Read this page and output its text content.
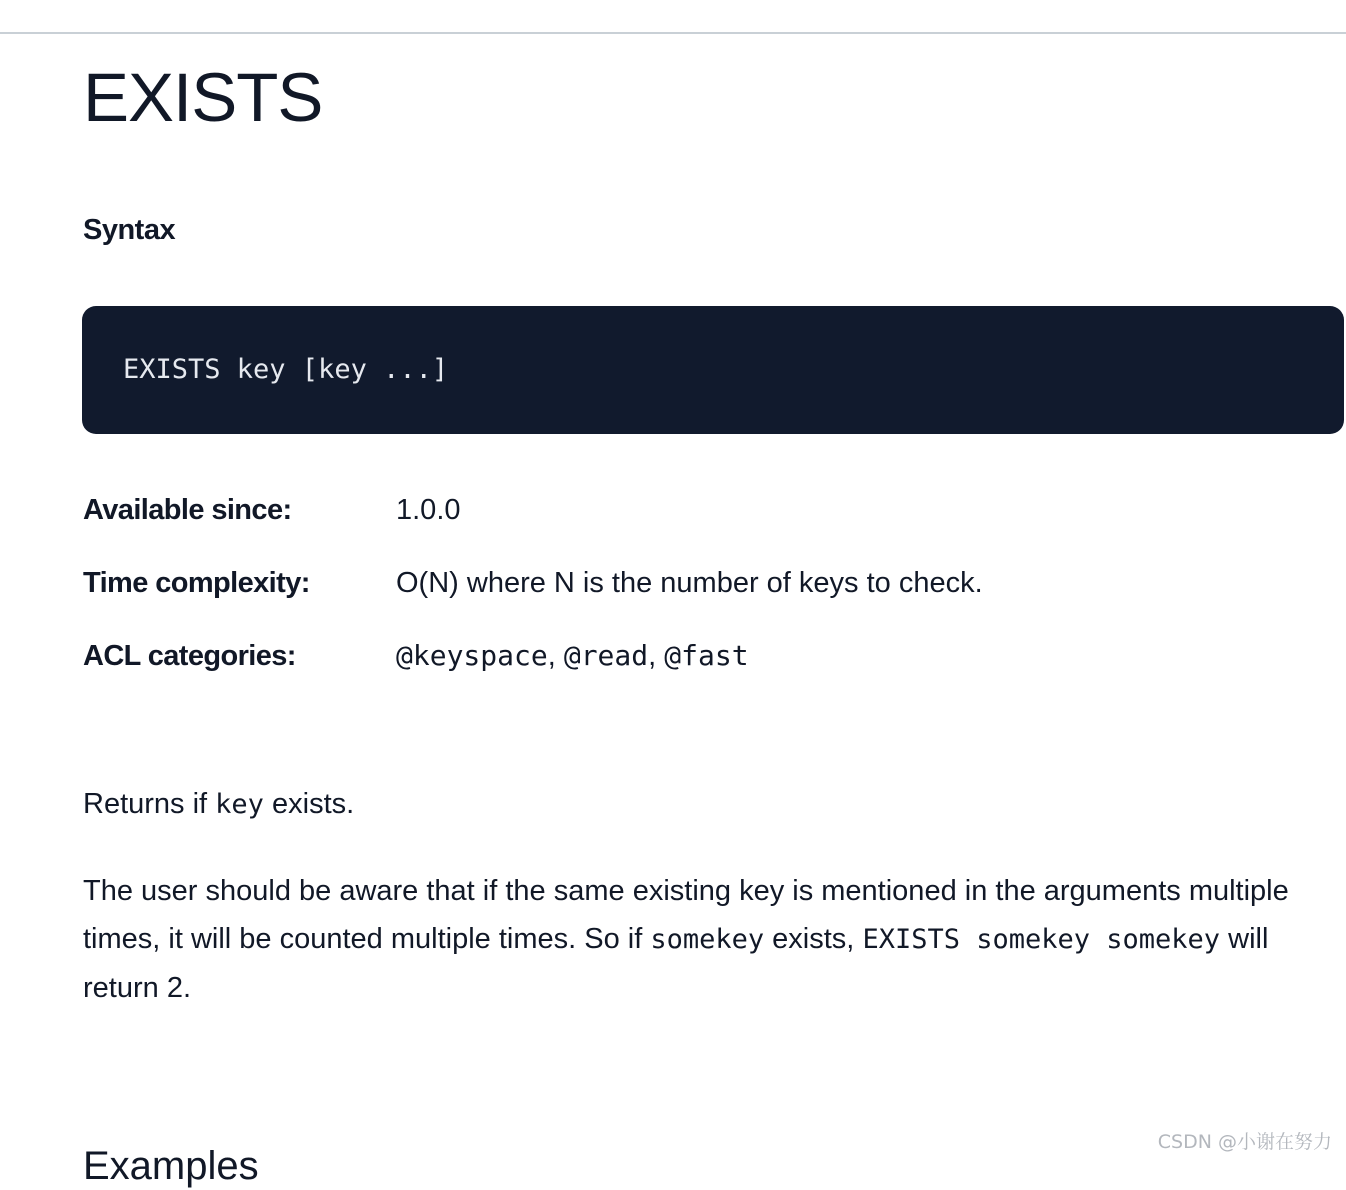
EXISTS
Syntax
EXISTS key [key ...]
Available since:	1.0.0
Time complexity:	O(N) where N is the number of keys to check.
ACL categories:	@keyspace, @read, @fast

Returns if key exists.

The user should be aware that if the same existing key is mentioned in the arguments multiple times, it will be counted multiple times. So if somekey exists, EXISTS somekey somekey will return 2.

Examples
CSDN @小谢在努力
